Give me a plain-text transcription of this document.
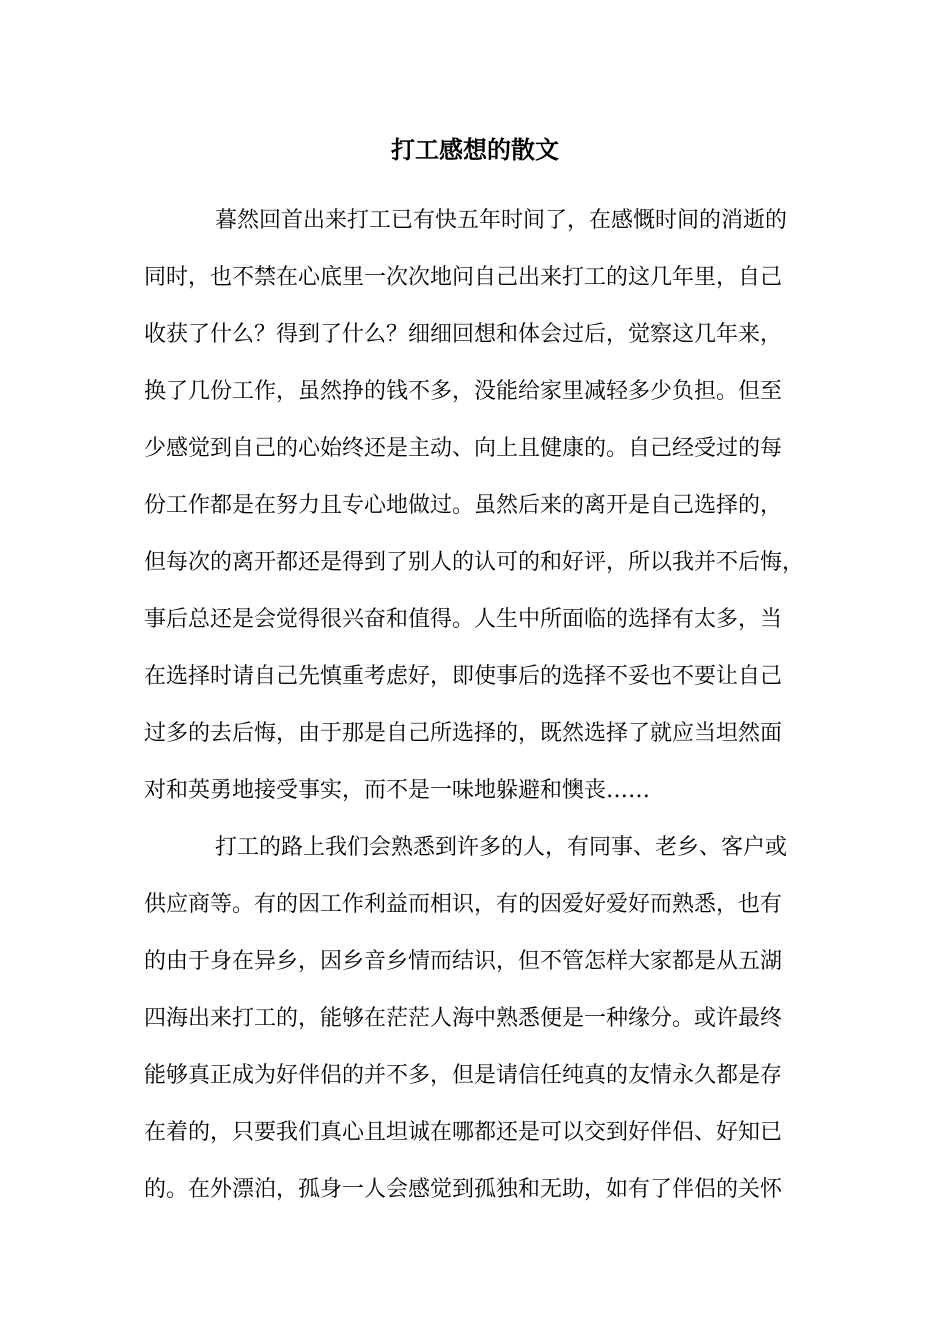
打工感想的散文

暮然回首出来打工已有快五年时间了，在感慨时间的消逝的

同时，也不禁在心底里一次次地问自己出来打工的这几年里，自己

收获了什么？得到了什么？细细回想和体会过后，觉察这几年来，

换了几份工作，虽然挣的钱不多，没能给家里减轻多少负担。但至

少感觉到自己的心始终还是主动、向上且健康的。自己经受过的每

份工作都是在努力且专心地做过。虽然后来的离开是自己选择的，

但每次的离开都还是得到了别人的认可的和好评，所以我并不后悔，

事后总还是会觉得很兴奋和值得。人生中所面临的选择有太多，当

在选择时请自己先慎重考虑好，即使事后的选择不妥也不要让自己

过多的去后悔，由于那是自己所选择的，既然选择了就应当坦然面

对和英勇地接受事实，而不是一味地躲避和懊丧……

打工的路上我们会熟悉到许多的人，有同事、老乡、客户或

供应商等。有的因工作利益而相识，有的因爱好爱好而熟悉，也有

的由于身在异乡，因乡音乡情而结识，但不管怎样大家都是从五湖

四海出来打工的，能够在茫茫人海中熟悉便是一种缘分。或许最终

能够真正成为好伴侣的并不多，但是请信任纯真的友情永久都是存

在着的，只要我们真心且坦诚在哪都还是可以交到好伴侣、好知已

的。在外漂泊，孤身一人会感觉到孤独和无助，如有了伴侣的关怀
